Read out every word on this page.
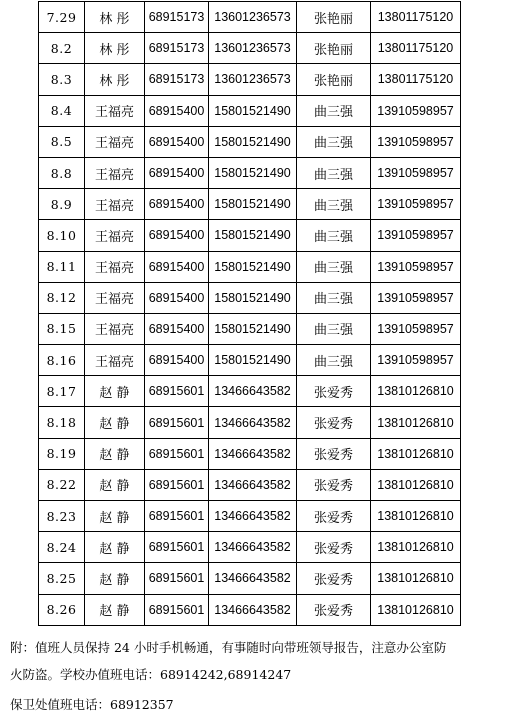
7.29	林 彤	68915173	13601236573	张艳丽	13801175120
8.2	林 彤	68915173	13601236573	张艳丽	13801175120
8.3	林 彤	68915173	13601236573	张艳丽	13801175120
8.4	王福亮	68915400	15801521490	曲三强	13910598957
8.5	王福亮	68915400	15801521490	曲三强	13910598957
8.8	王福亮	68915400	15801521490	曲三强	13910598957
8.9	王福亮	68915400	15801521490	曲三强	13910598957
8.10	王福亮	68915400	15801521490	曲三强	13910598957
8.11	王福亮	68915400	15801521490	曲三强	13910598957
8.12	王福亮	68915400	15801521490	曲三强	13910598957
8.15	王福亮	68915400	15801521490	曲三强	13910598957
8.16	王福亮	68915400	15801521490	曲三强	13910598957
8.17	赵 静	68915601	13466643582	张爱秀	13810126810
8.18	赵 静	68915601	13466643582	张爱秀	13810126810
8.19	赵 静	68915601	13466643582	张爱秀	13810126810
8.22	赵 静	68915601	13466643582	张爱秀	13810126810
8.23	赵 静	68915601	13466643582	张爱秀	13810126810
8.24	赵 静	68915601	13466643582	张爱秀	13810126810
8.25	赵 静	68915601	13466643582	张爱秀	13810126810
8.26	赵 静	68915601	13466643582	张爱秀	13810126810
附：值班人员保持 24 小时手机畅通，有事随时向带班领导报告，注意办公室防
火防盗。学校办值班电话：68914242,68914247
保卫处值班电话：68912357
